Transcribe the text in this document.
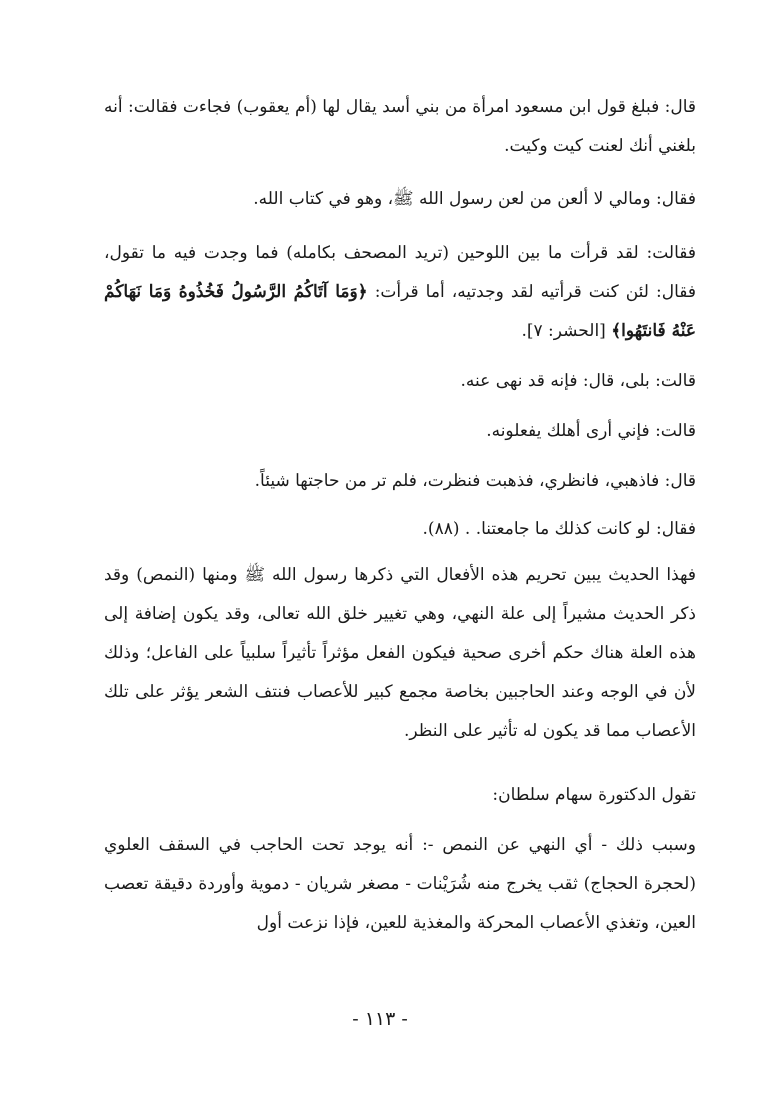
قال: فبلغ قول ابن مسعود امرأة من بني أسد يقال لها (أم يعقوب) فجاءت فقالت: أنه بلغني أنك لعنت كيت وكيت.
فقال: ومالي لا ألعن من لعن رسول الله ﷺ، وهو في كتاب الله.
فقالت: لقد قرأت ما بين اللوحين (تريد المصحف بكامله) فما وجدت فيه ما تقول، فقال: لئن كنت قرأتيه لقد وجدتيه، أما قرأت: ﴿وَمَا آتَاكُمُ الرَّسُولُ فَخُذُوهُ وَمَا نَهَاكُمْ عَنْهُ فَانتَهُوا﴾ [الحشر: ٧].
قالت: بلى، قال: فإنه قد نهى عنه.
قالت: فإني أرى أهلك يفعلونه.
قال: فاذهبي، فانظري، فذهبت فنظرت، فلم تر من حاجتها شيئاً.
فقال: لو كانت كذلك ما جامعتنا. . (٨٨).
فهذا الحديث يبين تحريم هذه الأفعال التي ذكرها رسول الله ﷺ ومنها (النمص) وقد ذكر الحديث مشيراً إلى علة النهي، وهي تغيير خلق الله تعالى، وقد يكون إضافة إلى هذه العلة هناك حكم أخرى صحية فيكون الفعل مؤثراً تأثيراً سلبياً على الفاعل؛ وذلك لأن في الوجه وعند الحاجبين بخاصة مجمع كبير للأعصاب فنتف الشعر يؤثر على تلك الأعصاب مما قد يكون له تأثير على النظر.
تقول الدكتورة سهام سلطان:
وسبب ذلك - أي النهي عن النمص -: أنه يوجد تحت الحاجب في السقف العلوي (لحجرة الحجاج) ثقب يخرج منه شُرَيْنات - مصغر شريان - دموية وأوردة دقيقة تعصب العين، وتغذي الأعصاب المحركة والمغذية للعين، فإذا نزعت أول
- ١١٣ -
